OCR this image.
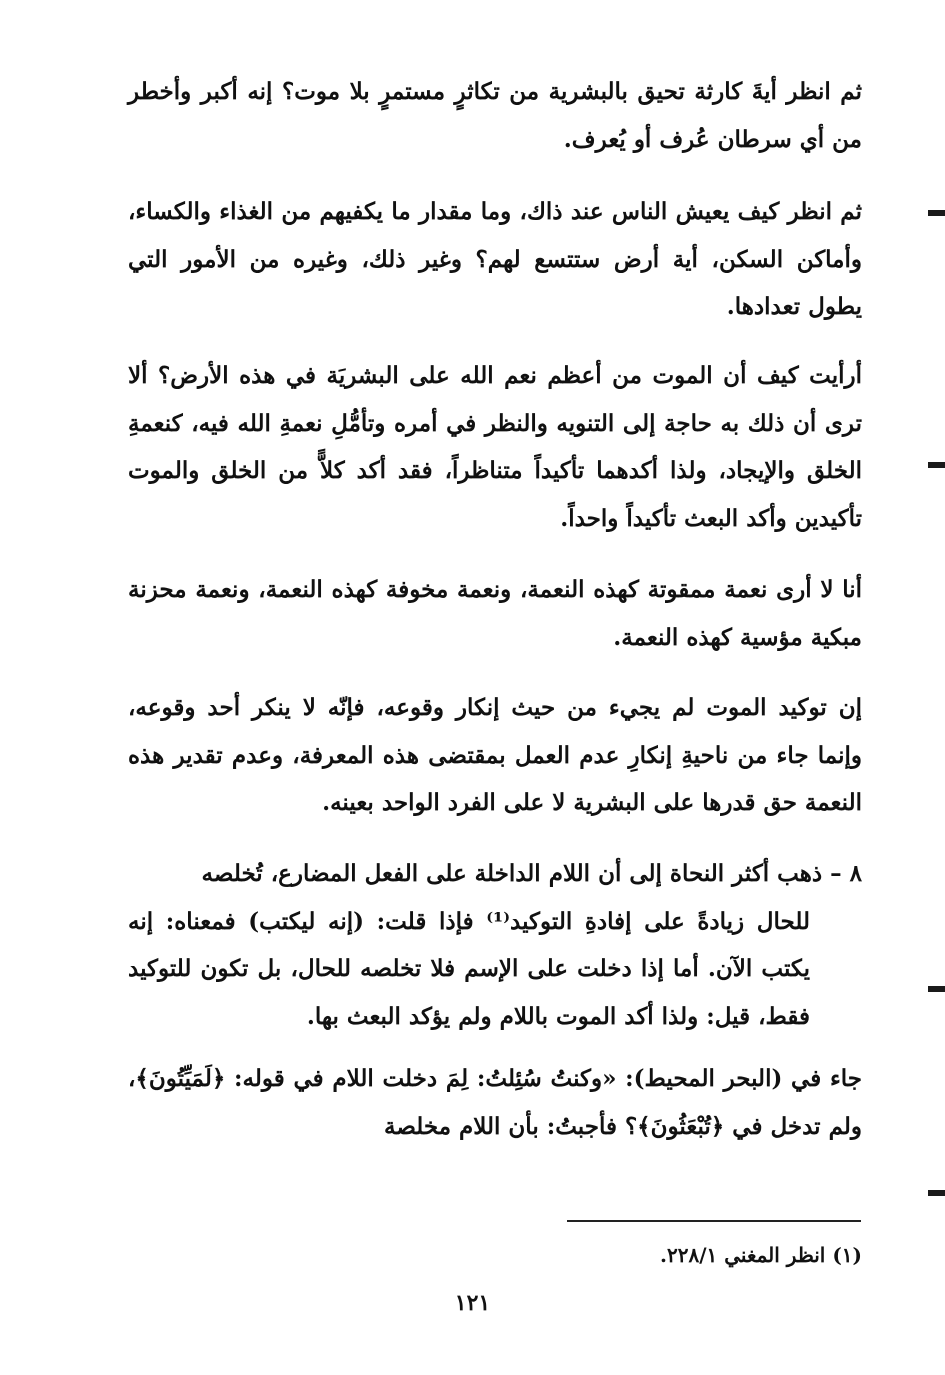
ثم انظر أيةَ كارثة تحيق بالبشرية من تكاثرٍ مستمرٍ بلا موت؟ إنه أكبر وأخطر من أي سرطان عُرف أو يُعرف.
ثم انظر كيف يعيش الناس عند ذاك، وما مقدار ما يكفيهم من الغذاء والكساء، وأماكن السكن، أية أرض ستتسع لهم؟ وغير ذلك، وغيره من الأمور التي يطول تعدادها.
أرأيت كيف أن الموت من أعظم نعم الله على البشريَة في هذه الأرض؟ ألا ترى أن ذلك به حاجة إلى التنويه والنظر في أمره وتأمُّلِ نعمةِ الله فيه، كنعمةِ الخلق والإيجاد، ولذا أكدهما تأكيداً متناظراً، فقد أكد كلاًّ من الخلق والموت تأكيدين وأكد البعث تأكيداً واحداً.
أنا لا أرى نعمة ممقوتة كهذه النعمة، ونعمة مخوفة كهذه النعمة، ونعمة محزنة مبكية مؤسية كهذه النعمة.
إن توكيد الموت لم يجيء من حيث إنكار وقوعه، فإنّه لا ينكر أحد وقوعه، وإنما جاء من ناحيةِ إنكارِ عدم العمل بمقتضى هذه المعرفة، وعدم تقدير هذه النعمة حق قدرها على البشرية لا على الفرد الواحد بعينه.
٨ –ذهب أكثر النحاة إلى أن اللام الداخلة على الفعل المضارع، تُخلصه
للحال زيادةً على إفادةِ التوكيد⁽¹⁾ فإذا قلت: (إنه ليكتب) فمعناه: إنه يكتب الآن. أما إذا دخلت على الإسم فلا تخلصه للحال، بل تكون للتوكيد فقط، قيل: ولذا أكد الموت باللام ولم يؤكد البعث بها.
جاء في (البحر المحيط): «وكنتُ سُئِلتُ: لِمَ دخلت اللام في قوله: ﴿لَمَيِّتُونَ﴾، ولم تدخل في ﴿تُبْعَثُونَ﴾؟ فأجبتُ: بأن اللام مخلصة
(١) انظر المغني ٢٢٨/١.
١٢١
